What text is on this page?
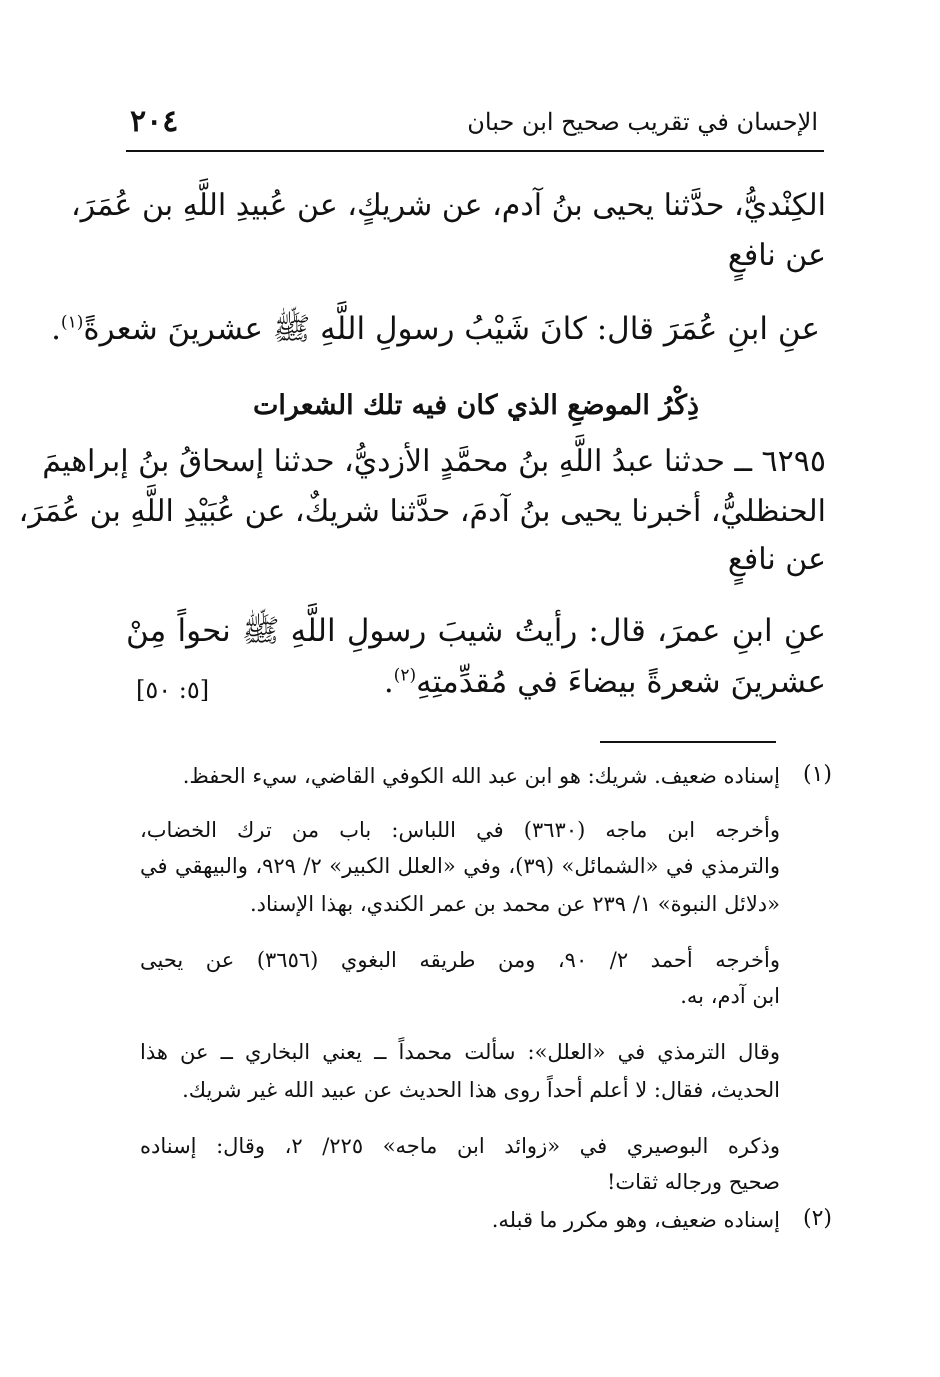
٢٠٤	الإحسان في تقريب صحيح ابن حبان
الكِنْديُّ، حدَّثنا يحيى بنُ آدم، عن شريكٍ، عن عُبيدِ اللَّهِ بن عُمَرَ،
عن نافعٍ
عنِ ابنِ عُمَرَ قال: كانَ شَيْبُ رسولِ اللَّهِ ﷺ عشرينَ شعرةً$^{(١)}$.
ذِكْرُ الموضعِ الذي كان فيه تلك الشعرات
٦٢٩٥ ــ حدثنا عبدُ اللَّهِ بنُ محمَّدٍ الأزديُّ، حدثنا إسحاقُ بنُ إبراهيمَ
الحنظليُّ، أخبرنا يحيى بنُ آدمَ، حدَّثنا شريكٌ، عن عُبَيْدِ اللَّهِ بن عُمَرَ،
عن نافعٍ
عنِ ابنِ عمرَ، قال: رأيتُ شيبَ رسولِ اللَّهِ ﷺ نحواً مِنْ
عشرينَ شعرةً بيضاءَ في مُقدِّمتِهِ$^{(٢)}$.
[٥: ٥٠]
(١)
إسناده ضعيف. شريك: هو ابن عبد الله الكوفي القاضي، سيء الحفظ.
وأخرجه ابن ماجه (٣٦٣٠) في اللباس: باب من ترك الخضاب،
والترمذي في «الشمائل» (٣٩)، وفي «العلل الكبير» ٢/ ٩٢٩، والبيهقي في
«دلائل النبوة» ١/ ٢٣٩ عن محمد بن عمر الكندي، بهذا الإسناد.
وأخرجه أحمد ٢/ ٩٠، ومن طريقه البغوي (٣٦٥٦) عن يحيى
ابن آدم، به.
وقال الترمذي في «العلل»: سألت محمداً ــ يعني البخاري ــ عن هذا
الحديث، فقال: لا أعلم أحداً روى هذا الحديث عن عبيد الله غير شريك.
وذكره البوصيري في «زوائد ابن ماجه» ٢٢٥/ ٢، وقال: إسناده
صحيح ورجاله ثقات!
(٢)
إسناده ضعيف، وهو مكرر ما قبله.
